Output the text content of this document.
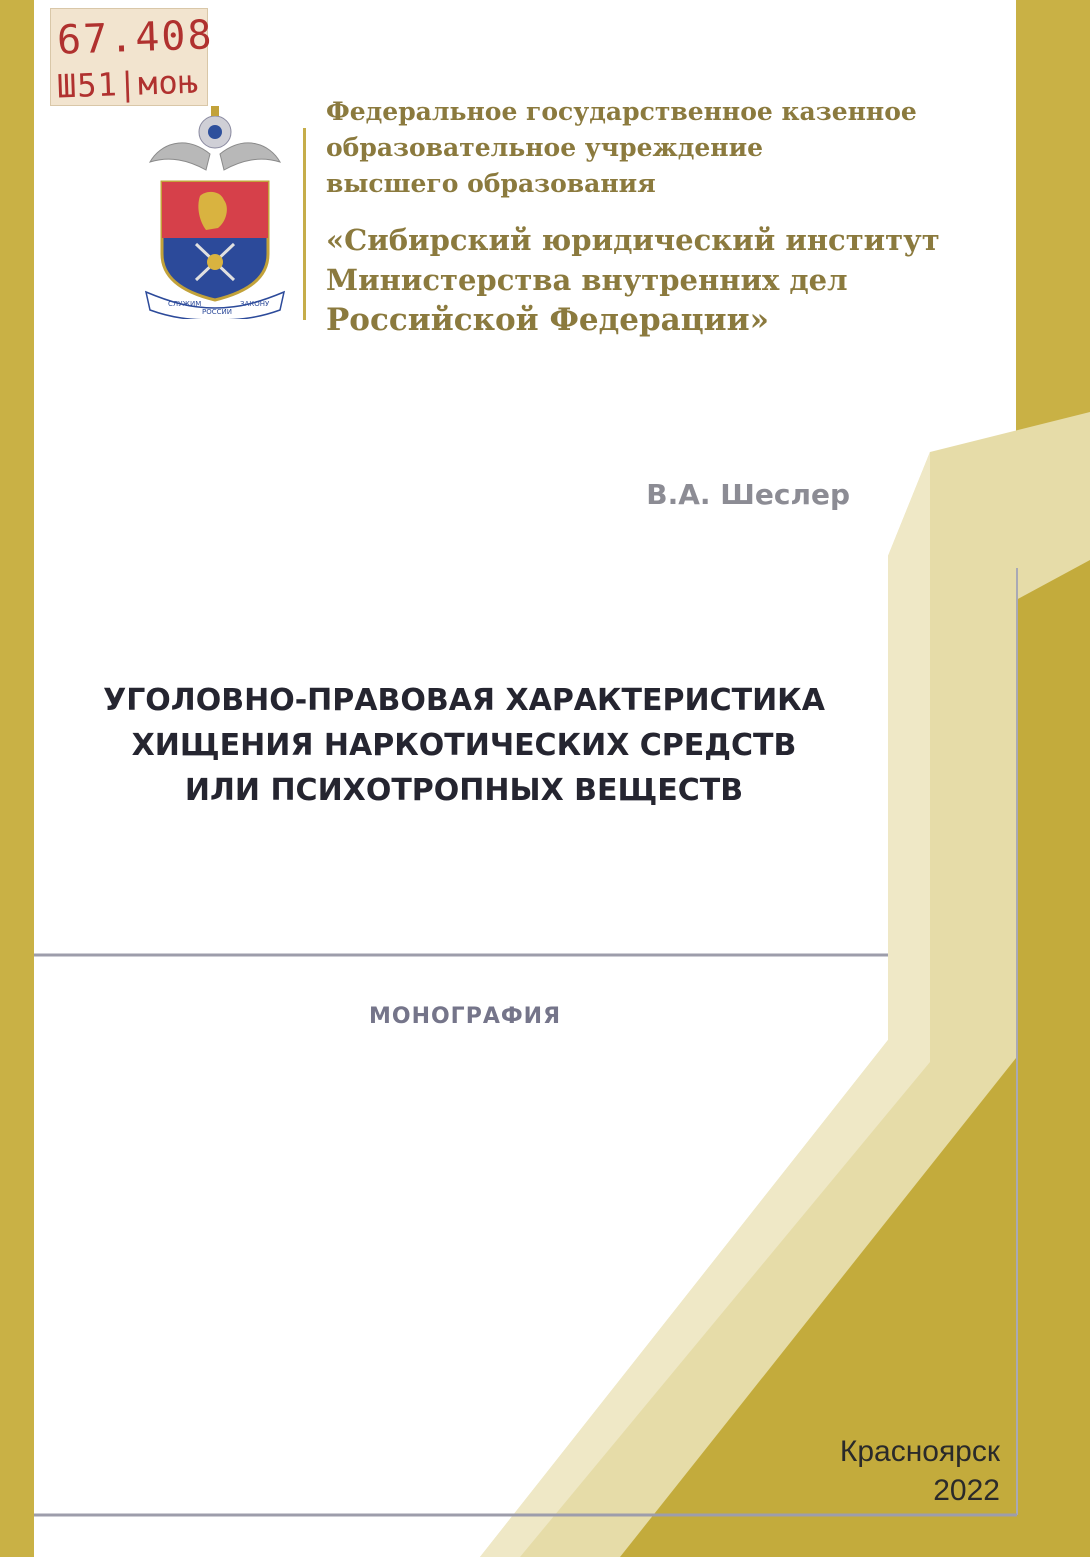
67.408
Ш51|моњ
СЛУЖИМ
РОССИИ
ЗАКОНУ
Федеральное государственное казенное
образовательное учреждение
высшего образования
«Сибирский юридический институт
Министерства внутренних дел
Российской Федерации»
В.А. Шеслер
УГОЛОВНО-ПРАВОВАЯ ХАРАКТЕРИСТИКА
ХИЩЕНИЯ НАРКОТИЧЕСКИХ СРЕДСТВ
ИЛИ ПСИХОТРОПНЫХ ВЕЩЕСТВ
МОНОГРАФИЯ
Красноярск
2022
